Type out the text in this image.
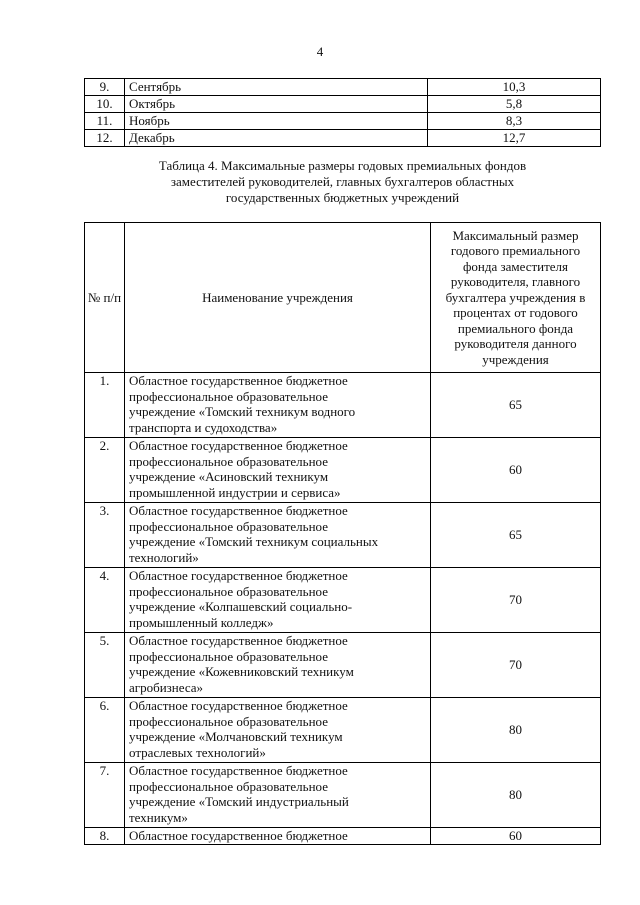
4
9.	Сентябрь	10,3
10.	Октябрь	5,8
11.	Ноябрь	8,3
12.	Декабрь	12,7
Таблица 4. Максимальные размеры годовых премиальных фондов
заместителей руководителей, главных бухгалтеров областных
государственных бюджетных учреждений
№ п/п	Наименование учреждения	Максимальный размер годового премиального фонда заместителя руководителя, главного бухгалтера учреждения в процентах от годового премиального фонда руководителя данного учреждения
1.	Областное государственное бюджетное
профессиональное образовательное
учреждение «Томский техникум водного
транспорта и судоходства»	65
2.	Областное государственное бюджетное
профессиональное образовательное
учреждение «Асиновский техникум
промышленной индустрии и сервиса»	60
3.	Областное государственное бюджетное
профессиональное образовательное
учреждение «Томский техникум социальных
технологий»	65
4.	Областное государственное бюджетное
профессиональное образовательное
учреждение «Колпашевский социально-
промышленный колледж»	70
5.	Областное государственное бюджетное
профессиональное образовательное
учреждение «Кожевниковский техникум
агробизнеса»	70
6.	Областное государственное бюджетное
профессиональное образовательное
учреждение «Молчановский техникум
отраслевых технологий»	80
7.	Областное государственное бюджетное
профессиональное образовательное
учреждение «Томский индустриальный
техникум»	80
8.	Областное государственное бюджетное	60
